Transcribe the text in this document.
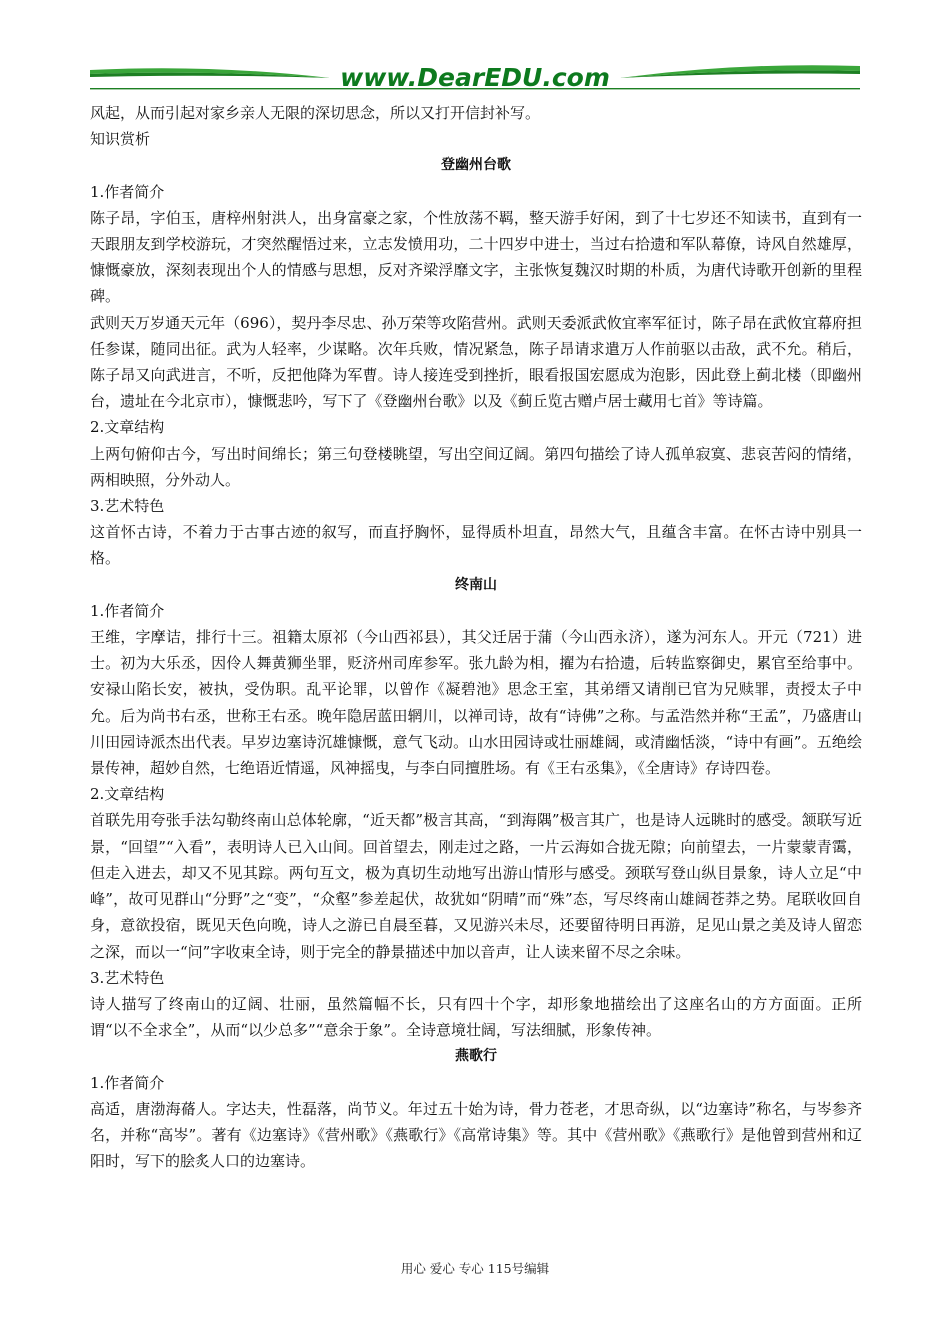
www.DearEDU.com

风起，从而引起对家乡亲人无限的深切思念，所以又打开信封补写。

知识赏析

登幽州台歌

1.作者简介

陈子昂，字伯玉，唐梓州射洪人，出身富豪之家，个性放荡不羁，整天游手好闲，到了十七岁还不知读书，直到有一天跟朋友到学校游玩，才突然醒悟过来，立志发愤用功，二十四岁中进士，当过右拾遗和军队幕僚，诗风自然雄厚，慷慨豪放，深刻表现出个人的情感与思想，反对齐梁浮靡文字，主张恢复魏汉时期的朴质，为唐代诗歌开创新的里程碑。

武则天万岁通天元年（696），契丹李尽忠、孙万荣等攻陷营州。武则天委派武攸宜率军征讨，陈子昂在武攸宜幕府担任参谋，随同出征。武为人轻率，少谋略。次年兵败，情况紧急，陈子昂请求遣万人作前驱以击敌，武不允。稍后，陈子昂又向武进言，不听，反把他降为军曹。诗人接连受到挫折，眼看报国宏愿成为泡影，因此登上蓟北楼（即幽州台，遗址在今北京市），慷慨悲吟，写下了《登幽州台歌》以及《蓟丘览古赠卢居士藏用七首》等诗篇。

2.文章结构

上两句俯仰古今，写出时间绵长；第三句登楼眺望，写出空间辽阔。第四句描绘了诗人孤单寂寞、悲哀苦闷的情绪，两相映照，分外动人。

3.艺术特色

这首怀古诗，不着力于古事古迹的叙写，而直抒胸怀，显得质朴坦直，昂然大气，且蕴含丰富。在怀古诗中别具一格。

终南山

1.作者简介

王维，字摩诘，排行十三。祖籍太原祁（今山西祁县），其父迁居于蒲（今山西永济），遂为河东人。开元（721）进士。初为大乐丞，因伶人舞黄狮坐罪，贬济州司库参军。张九龄为相，擢为右拾遗，后转监察御史，累官至给事中。安禄山陷长安，被执，受伪职。乱平论罪，以曾作《凝碧池》思念王室，其弟缙又请削已官为兄赎罪，责授太子中允。后为尚书右丞，世称王右丞。晚年隐居蓝田辋川，以禅司诗，故有“诗佛”之称。与孟浩然并称“王孟”，乃盛唐山川田园诗派杰出代表。早岁边塞诗沉雄慷慨，意气飞动。山水田园诗或壮丽雄阔，或清幽恬淡，“诗中有画”。五绝绘景传神，超妙自然，七绝语近情遥，风神摇曳，与李白同擅胜场。有《王右丞集》，《全唐诗》存诗四卷。

2.文章结构

首联先用夸张手法勾勒终南山总体轮廓，“近天都”极言其高，“到海隅”极言其广，也是诗人远眺时的感受。颔联写近景，“回望”“入看”，表明诗人已入山间。回首望去，刚走过之路，一片云海如合拢无隙；向前望去，一片蒙蒙青霭，但走入进去，却又不见其踪。两句互文，极为真切生动地写出游山情形与感受。颈联写登山纵目景象，诗人立足“中峰”，故可见群山“分野”之“变”，“众壑”参差起伏，故犹如“阴晴”而“殊”态，写尽终南山雄阔苍莽之势。尾联收回自身，意欲投宿，既见天色向晚，诗人之游已自晨至暮，又见游兴未尽，还要留待明日再游，足见山景之美及诗人留恋之深，而以一“问”字收束全诗，则于完全的静景描述中加以音声，让人读来留不尽之余味。

3.艺术特色

诗人描写了终南山的辽阔、壮丽，虽然篇幅不长，只有四十个字，却形象地描绘出了这座名山的方方面面。正所谓“以不全求全”，从而“以少总多”“意余于象”。全诗意境壮阔，写法细腻，形象传神。

燕歌行

1.作者简介

高适，唐渤海蓨人。字达夫，性磊落，尚节义。年过五十始为诗，骨力苍老，才思奇纵，以“边塞诗”称名，与岑参齐名，并称“高岑”。著有《边塞诗》《营州歌》《燕歌行》《高常诗集》等。其中《营州歌》《燕歌行》是他曾到营州和辽阳时，写下的脍炙人口的边塞诗。

用心 爱心 专心 115号编辑
